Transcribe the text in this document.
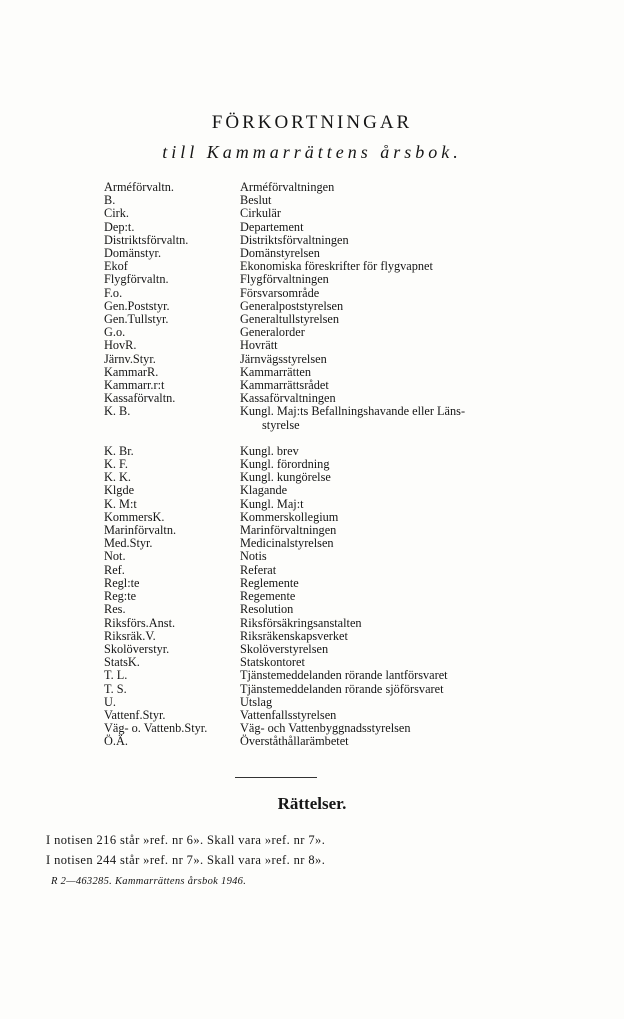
FÖRKORTNINGAR
till Kammarrättens årsbok.
Arméförvaltn.	Arméförvaltningen
B.	Beslut
Cirk.	Cirkulär
Dep:t.	Departement
Distriktsförvaltn.	Distriktsförvaltningen
Domänstyr.	Domänstyrelsen
Ekof	Ekonomiska föreskrifter för flygvapnet
Flygförvaltn.	Flygförvaltningen
F.o.	Försvarsområde
Gen.Poststyr.	Generalpoststyrelsen
Gen.Tullstyr.	Generaltullstyrelsen
G.o.	Generalorder
HovR.	Hovrätt
Järnv.Styr.	Järnvägsstyrelsen
KammarR.	Kammarrätten
Kammarr.r:t	Kammarrättsrådet
Kassaförvaltn.	Kassaförvaltningen
K. B.	Kungl. Maj:ts Befallningshavande eller Läns-
styrelse
K. Br.	Kungl. brev
K. F.	Kungl. förordning
K. K.	Kungl. kungörelse
Klgde	Klagande
K. M:t	Kungl. Maj:t
KommersK.	Kommerskollegium
Marinförvaltn.	Marinförvaltningen
Med.Styr.	Medicinalstyrelsen
Not.	Notis
Ref.	Referat
Regl:te	Reglemente
Reg:te	Regemente
Res.	Resolution
Riksförs.Anst.	Riksförsäkringsanstalten
Riksräk.V.	Riksräkenskapsverket
Skolöverstyr.	Skolöverstyrelsen
StatsK.	Statskontoret
T. L.	Tjänstemeddelanden rörande lantförsvaret
T. S.	Tjänstemeddelanden rörande sjöförsvaret
U.	Utslag
Vattenf.Styr.	Vattenfallsstyrelsen
Väg- o. Vattenb.Styr.	Väg- och Vattenbyggnadsstyrelsen
Ö.Ä.	Överståthållarämbetet
Rättelser.
I notisen 216 står »ref. nr 6». Skall vara »ref. nr 7».
I notisen 244 står »ref. nr 7». Skall vara »ref. nr 8».
R 2—463285. Kammarrättens årsbok 1946.
